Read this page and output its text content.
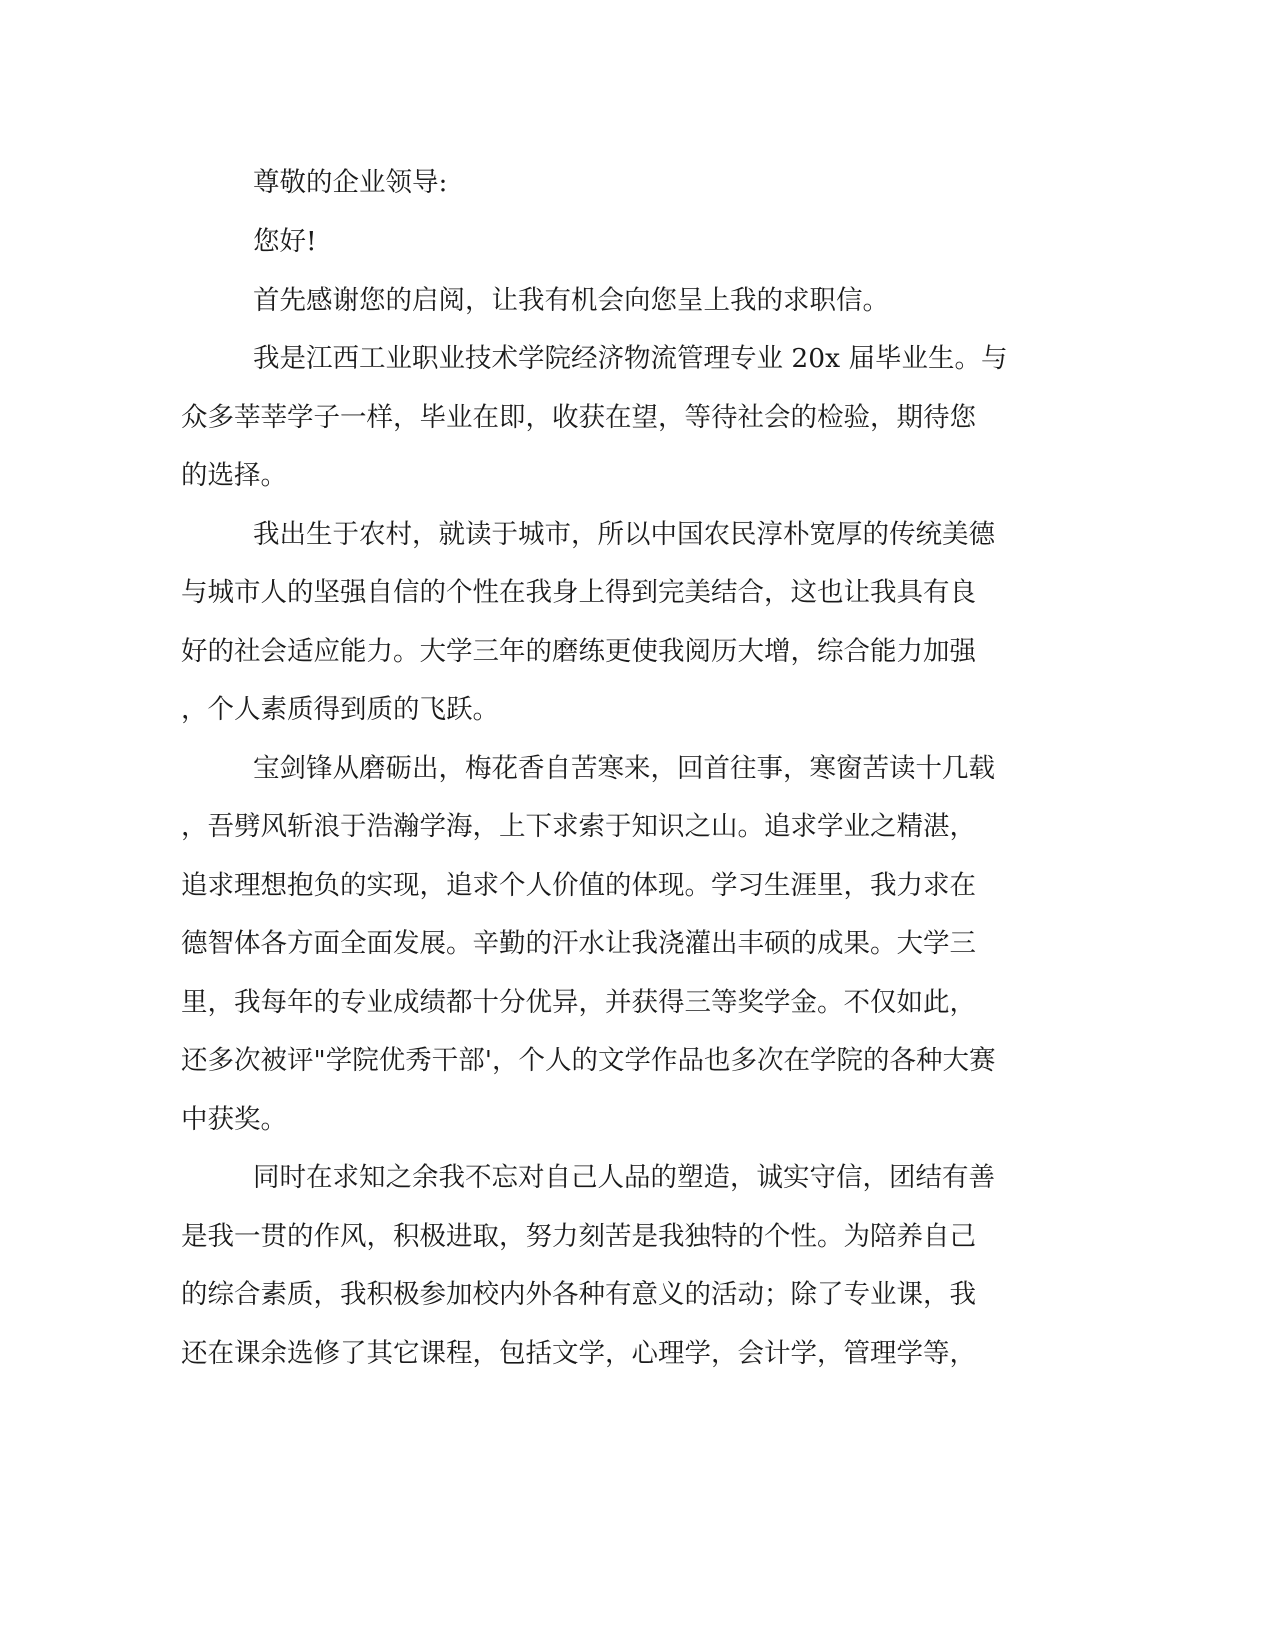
尊敬的企业领导:

您好!

首先感谢您的启阅，让我有机会向您呈上我的求职信。

我是江西工业职业技术学院经济物流管理专业 20x 届毕业生。与

众多莘莘学子一样，毕业在即，收获在望，等待社会的检验，期待您

的选择。

我出生于农村，就读于城市，所以中国农民淳朴宽厚的传统美德

与城市人的坚强自信的个性在我身上得到完美结合，这也让我具有良

好的社会适应能力。大学三年的磨练更使我阅历大增，综合能力加强

，个人素质得到质的飞跃。

宝剑锋从磨砺出，梅花香自苦寒来，回首往事，寒窗苦读十几载

，吾劈风斩浪于浩瀚学海，上下求索于知识之山。追求学业之精湛，

追求理想抱负的实现，追求个人价值的体现。学习生涯里，我力求在

德智体各方面全面发展。辛勤的汗水让我浇灌出丰硕的成果。大学三

里，我每年的专业成绩都十分优异，并获得三等奖学金。不仅如此，

还多次被评"学院优秀干部'，个人的文学作品也多次在学院的各种大赛

中获奖。

同时在求知之余我不忘对自己人品的塑造，诚实守信，团结有善

是我一贯的作风，积极进取，努力刻苦是我独特的个性。为陪养自己

的综合素质，我积极参加校内外各种有意义的活动；除了专业课，我

还在课余选修了其它课程，包括文学，心理学，会计学，管理学等，
